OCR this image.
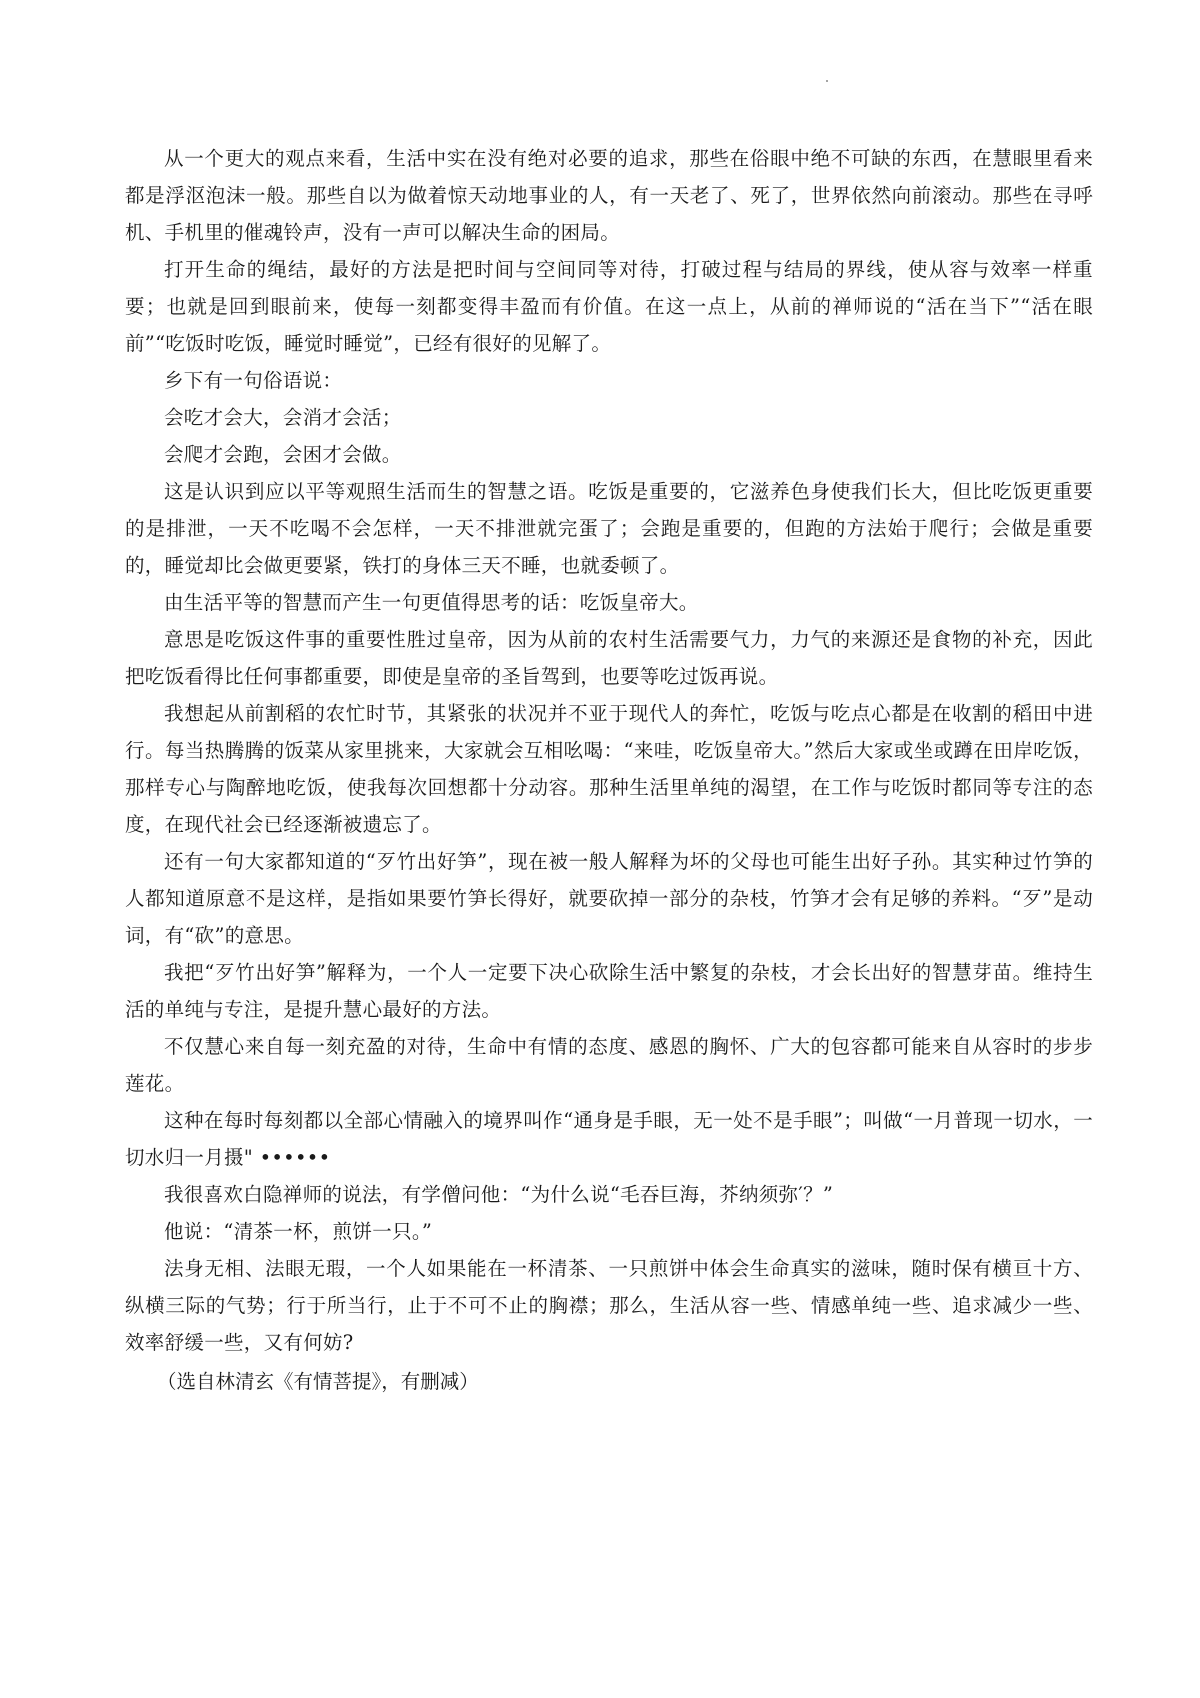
从一个更大的观点来看，生活中实在没有绝对必要的追求，那些在俗眼中绝不可缺的东西，在慧眼里看来都是浮沤泡沫一般。那些自以为做着惊天动地事业的人，有一天老了、死了，世界依然向前滚动。那些在寻呼机、手机里的催魂铃声，没有一声可以解决生命的困局。

打开生命的绳结，最好的方法是把时间与空间同等对待，打破过程与结局的界线，使从容与效率一样重要；也就是回到眼前来，使每一刻都变得丰盈而有价值。在这一点上，从前的禅师说的“活在当下”“活在眼前”“吃饭时吃饭，睡觉时睡觉”，已经有很好的见解了。

乡下有一句俗语说：

会吃才会大，会消才会活；

会爬才会跑，会困才会做。

这是认识到应以平等观照生活而生的智慧之语。吃饭是重要的，它滋养色身使我们长大，但比吃饭更重要的是排泄，一天不吃喝不会怎样，一天不排泄就完蛋了；会跑是重要的，但跑的方法始于爬行；会做是重要的，睡觉却比会做更要紧，铁打的身体三天不睡，也就委顿了。

由生活平等的智慧而产生一句更值得思考的话：吃饭皇帝大。

意思是吃饭这件事的重要性胜过皇帝，因为从前的农村生活需要气力，力气的来源还是食物的补充，因此把吃饭看得比任何事都重要，即使是皇帝的圣旨驾到，也要等吃过饭再说。

我想起从前割稻的农忙时节，其紧张的状况并不亚于现代人的奔忙，吃饭与吃点心都是在收割的稻田中进行。每当热腾腾的饭菜从家里挑来，大家就会互相吆喝：“来哇，吃饭皇帝大。”然后大家或坐或蹲在田岸吃饭，那样专心与陶醉地吃饭，使我每次回想都十分动容。那种生活里单纯的渴望，在工作与吃饭时都同等专注的态度，在现代社会已经逐渐被遗忘了。

还有一句大家都知道的“歹竹出好笋”，现在被一般人解释为坏的父母也可能生出好子孙。其实种过竹笋的人都知道原意不是这样，是指如果要竹笋长得好，就要砍掉一部分的杂枝，竹笋才会有足够的养料。“歹”是动词，有“砍”的意思。

我把“歹竹出好笋”解释为，一个人一定要下决心砍除生活中繁复的杂枝，才会长出好的智慧芽苗。维持生活的单纯与专注，是提升慧心最好的方法。

不仅慧心来自每一刻充盈的对待，生命中有情的态度、感恩的胸怀、广大的包容都可能来自从容时的步步莲花。

这种在每时每刻都以全部心情融入的境界叫作“通身是手眼，无一处不是手眼”；叫做“一月普现一切水，一切水归一月摄" ••••••

我很喜欢白隐禅师的说法，有学僧问他：“为什么说“毛吞巨海，芥纳须弥′？”

他说：“清茶一杯，煎饼一只。”

法身无相、法眼无瑕，一个人如果能在一杯清茶、一只煎饼中体会生命真实的滋味，随时保有横亘十方、纵横三际的气势；行于所当行，止于不可不止的胸襟；那么，生活从容一些、情感单纯一些、追求减少一些、效率舒缓一些，又有何妨?

（选自林清玄《有情菩提》，有删减）
